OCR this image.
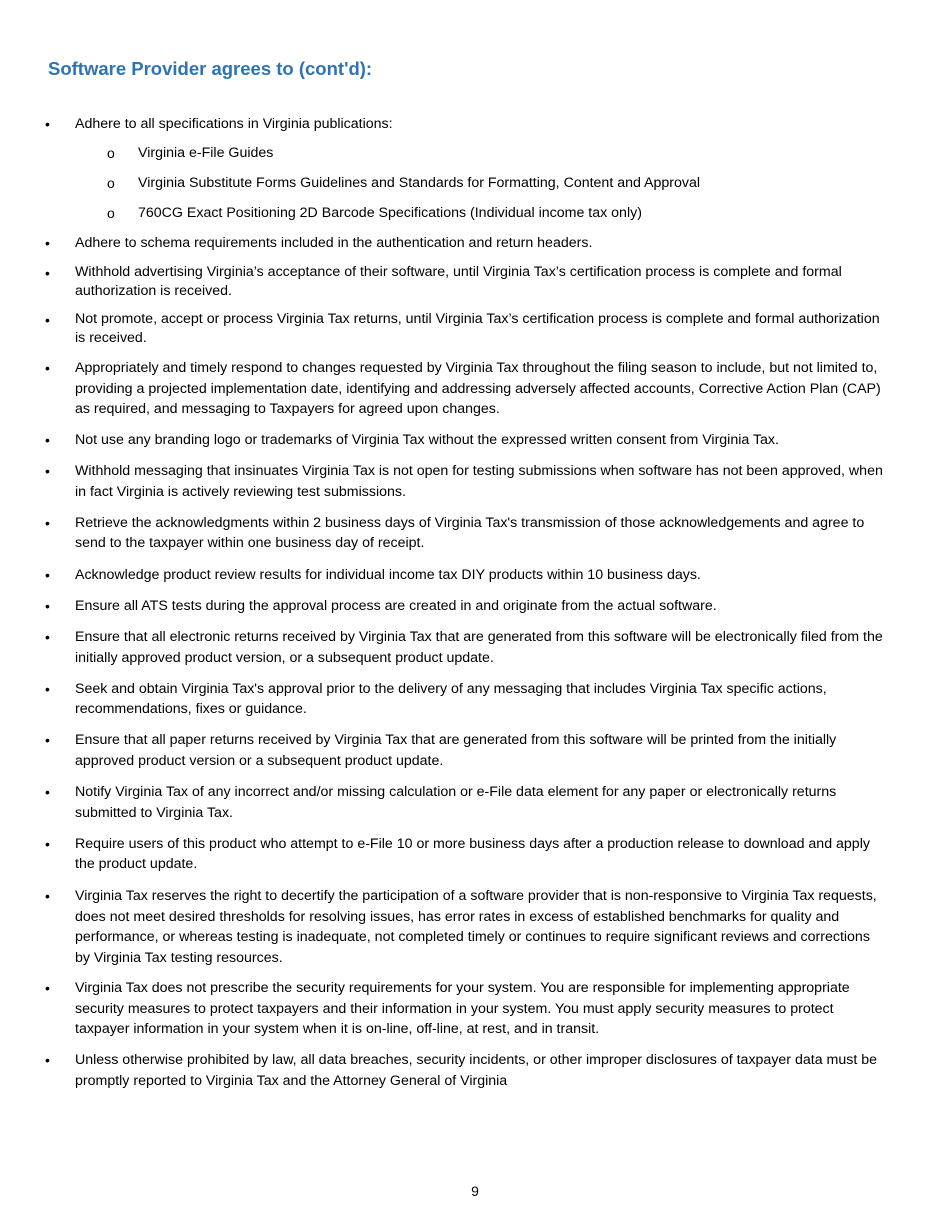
Software Provider agrees to (cont'd):
• Adhere to all specifications in Virginia publications:
o Virginia e-File Guides
o Virginia Substitute Forms Guidelines and Standards for Formatting, Content and Approval
o 760CG Exact Positioning 2D Barcode Specifications (Individual income tax only)
• Adhere to schema requirements included in the authentication and return headers.
• Withhold advertising Virginia’s acceptance of their software, until Virginia Tax’s certification process is complete and formal authorization is received.
• Not promote, accept or process Virginia Tax returns, until Virginia Tax’s certification process is complete and formal authorization is received.
• Appropriately and timely respond to changes requested by Virginia Tax throughout the filing season to include, but not limited to, providing a projected implementation date, identifying and addressing adversely affected accounts, Corrective Action Plan (CAP) as required, and messaging to Taxpayers for agreed upon changes.
• Not use any branding logo or trademarks of Virginia Tax without the expressed written consent from Virginia Tax.
• Withhold messaging that insinuates Virginia Tax is not open for testing submissions when software has not been approved, when in fact Virginia is actively reviewing test submissions.
• Retrieve the acknowledgments within 2 business days of Virginia Tax's transmission of those acknowledgements and agree to send to the taxpayer within one business day of receipt.
• Acknowledge product review results for individual income tax DIY products within 10 business days.
• Ensure all ATS tests during the approval process are created in and originate from the actual software.
• Ensure that all electronic returns received by Virginia Tax that are generated from this software will be electronically filed from the initially approved product version, or a subsequent product update.
• Seek and obtain Virginia Tax's approval prior to the delivery of any messaging that includes Virginia Tax specific actions, recommendations, fixes or guidance.
• Ensure that all paper returns received by Virginia Tax that are generated from this software will be printed from the initially approved product version or a subsequent product update.
• Notify Virginia Tax of any incorrect and/or missing calculation or e-File data element for any paper or electronically returns submitted to Virginia Tax.
• Require users of this product who attempt to e-File 10 or more business days after a production release to download and apply the product update.
• Virginia Tax reserves the right to decertify the participation of a software provider that is non-responsive to Virginia Tax requests, does not meet desired thresholds for resolving issues, has error rates in excess of established benchmarks for quality and performance, or whereas testing is inadequate, not completed timely or continues to require significant reviews and corrections by Virginia Tax testing resources.
• Virginia Tax does not prescribe the security requirements for your system. You are responsible for implementing appropriate security measures to protect taxpayers and their information in your system. You must apply security measures to protect taxpayer information in your system when it is on-line, off-line, at rest, and in transit.
• Unless otherwise prohibited by law, all data breaches, security incidents, or other improper disclosures of taxpayer data must be promptly reported to Virginia Tax and the Attorney General of Virginia
9
